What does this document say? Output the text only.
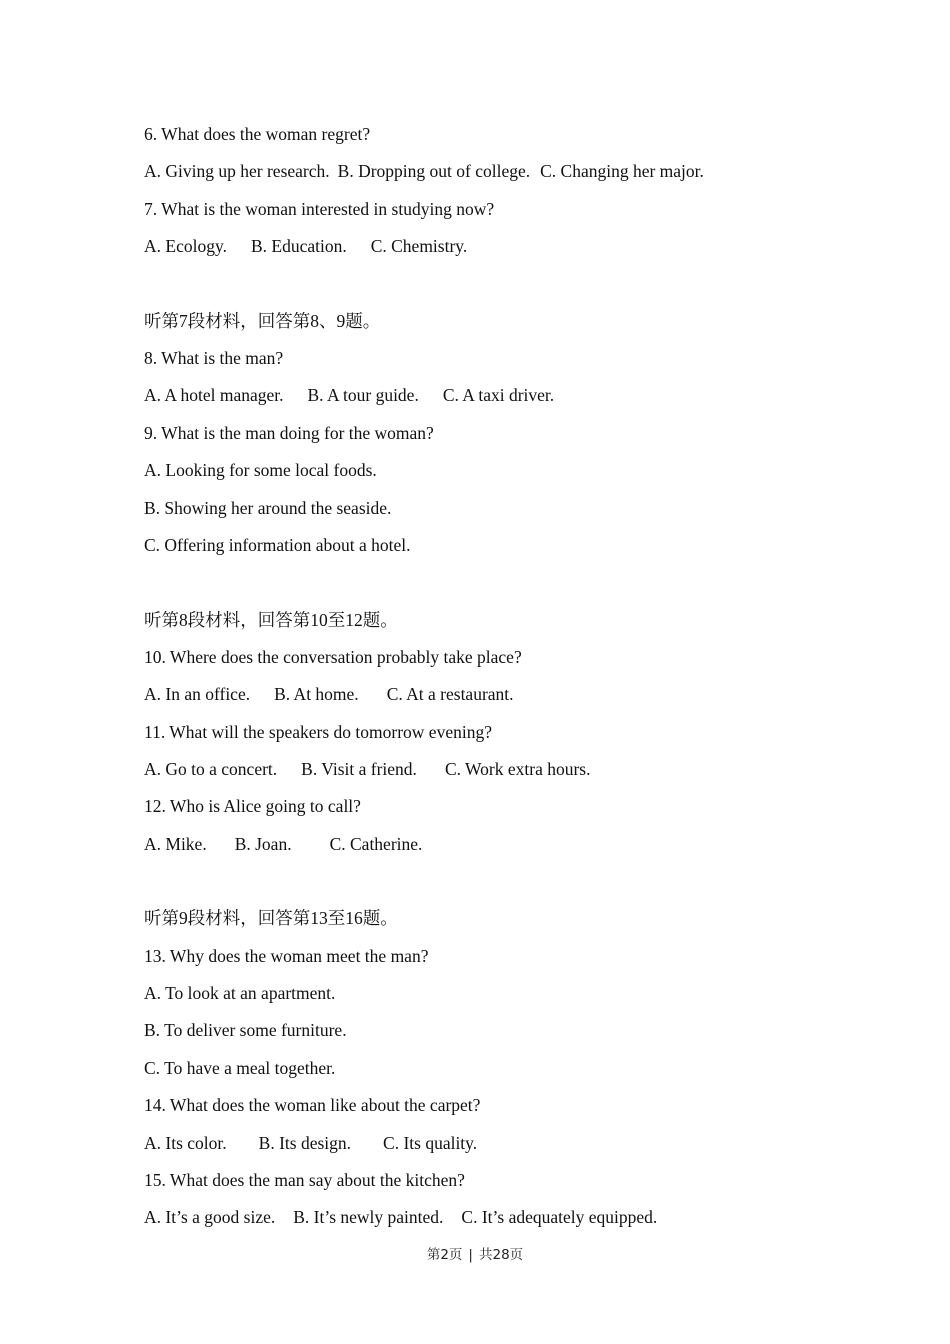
6. What does the woman regret?
A. Giving up her research. B. Dropping out of college. C. Changing her major.
7. What is the woman interested in studying now?
A. Ecology. B. Education. C. Chemistry.
听第7段材料，回答第8、9题。
8. What is the man?
A. A hotel manager. B. A tour guide. C. A taxi driver.
9. What is the man doing for the woman?
A. Looking for some local foods.
B. Showing her around the seaside.
C. Offering information about a hotel.
听第8段材料，回答第10至12题。
10. Where does the conversation probably take place?
A. In an office. B. At home. C. At a restaurant.
11. What will the speakers do tomorrow evening?
A. Go to a concert. B. Visit a friend. C. Work extra hours.
12. Who is Alice going to call?
A. Mike. B. Joan. C. Catherine.
听第9段材料，回答第13至16题。
13. Why does the woman meet the man?
A. To look at an apartment.
B. To deliver some furniture.
C. To have a meal together.
14. What does the woman like about the carpet?
A. Its color. B. Its design. C. Its quality.
15. What does the man say about the kitchen?
A. It’s a good size. B. It’s newly painted. C. It’s adequately equipped.
第2页 | 共28页
